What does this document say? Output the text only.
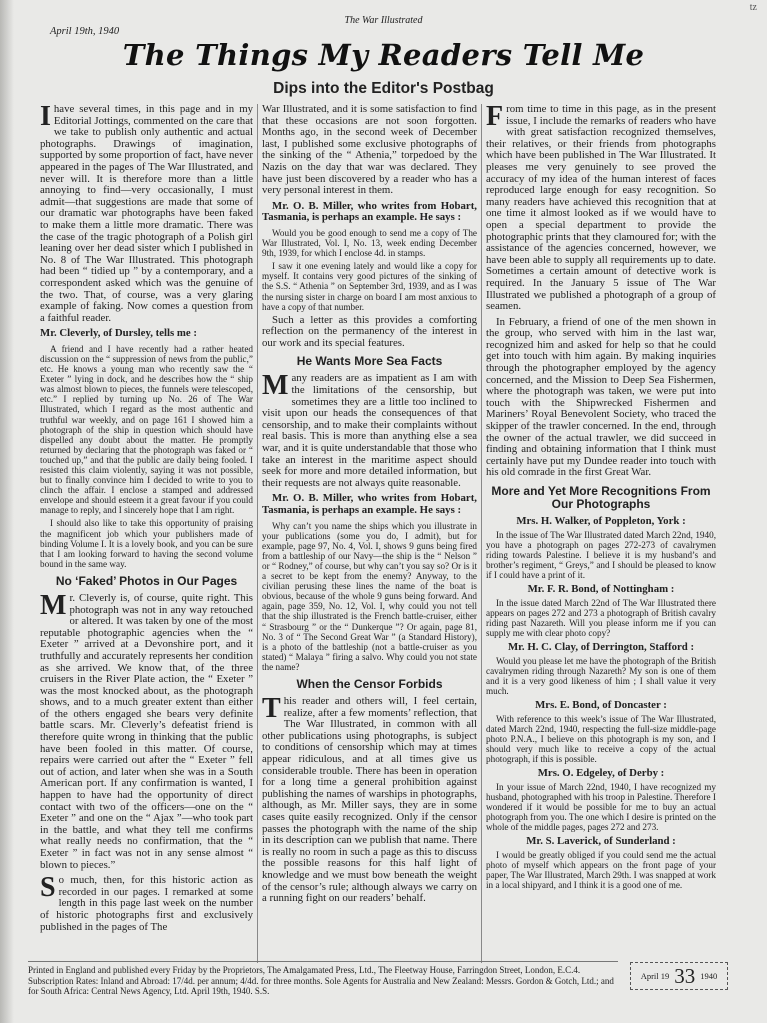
tz
The War Illustrated
April 19th, 1940
The Things My Readers Tell Me
Dips into the Editor's Postbag

Ihave several times, in this page and in my Editorial Jottings, commented on the care that we take to publish only authentic and actual photographs. Drawings of imagination, supported by some proportion of fact, have never appeared in the pages of The War Illustrated, and never will. It is therefore more than a little annoying to find—very occasionally, I must admit—that suggestions are made that some of our dramatic war photographs have been faked to make them a little more dramatic. There was the case of the tragic photograph of a Polish girl leaning over her dead sister which I published in No. 8 of The War Illustrated. This photograph had been “ tidied up ” by a contemporary, and a correspondent asked which was the genuine of the two. That, of course, was a very glaring example of faking. Now comes a question from a faithful reader.

Mr. Cleverly, of Dursley, tells me :

A friend and I have recently had a rather heated discussion on the “ suppression of news from the public,” etc. He knows a young man who recently saw the “ Exeter ” lying in dock, and he describes how the “ ship was almost blown to pieces, the funnels were telescoped, etc.” I replied by turning up No. 26 of The War Illustrated, which I regard as the most authentic and truthful war weekly, and on page 161 I showed him a photograph of the ship in question which should have dispelled any doubt about the matter. He promptly returned by declaring that the photograph was faked or “ touched up,” and that the public are daily being fooled. I resisted this claim violently, saying it was not possible, but to finally convince him I decided to write to you to clinch the affair. I enclose a stamped and addressed envelope and should esteem it a great favour if you could manage to reply, and I sincerely hope that I am right.

I should also like to take this opportunity of praising the magnificent job which your publishers made of binding Volume I. It is a lovely book, and you can be sure that I am looking forward to having the second volume bound in the same way.

No ‘Faked’ Photos in Our Pages

Mr. Cleverly is, of course, quite right. This photograph was not in any way retouched or altered. It was taken by one of the most reputable photographic agencies when the “ Exeter ” arrived at a Devonshire port, and it truthfully and accurately represents her condition as she arrived. We know that, of the three cruisers in the River Plate action, the “ Exeter ” was the most knocked about, as the photograph shows, and to a much greater extent than either of the others engaged she bears very definite battle scars. Mr. Cleverly’s defeatist friend is therefore quite wrong in thinking that the public have been fooled in this matter. Of course, repairs were carried out after the “ Exeter ” fell out of action, and later when she was in a South American port. If any confirmation is wanted, I happen to have had the opportunity of direct contact with two of the officers—one on the “ Exeter ” and one on the “ Ajax ”—who took part in the battle, and what they tell me confirms what really needs no confirmation, that the “ Exeter ” in fact was not in any sense almost “ blown to pieces.”

So much, then, for this historic action as recorded in our pages. I remarked at some length in this page last week on the number of historic photographs first and exclusively published in the pages of The

War Illustrated, and it is some satisfaction to find that these occasions are not soon forgotten. Months ago, in the second week of December last, I published some exclusive photographs of the sinking of the “ Athenia,” torpedoed by the Nazis on the day that war was declared. They have just been discovered by a reader who has a very personal interest in them.

Mr. O. B. Miller, who writes from Hobart, Tasmania, is perhaps an example. He says :

Would you be good enough to send me a copy of The War Illustrated, Vol. I, No. 13, week ending December 9th, 1939, for which I enclose 4d. in stamps.

I saw it one evening lately and would like a copy for myself. It contains very good pictures of the sinking of the S.S. “ Athenia ” on September 3rd, 1939, and as I was the nursing sister in charge on board I am most anxious to have a copy of that number.

Such a letter as this provides a comforting reflection on the permanency of the interest in our work and its special features.

He Wants More Sea Facts

Many readers are as impatient as I am with the limitations of the censorship, but sometimes they are a little too inclined to visit upon our heads the consequences of that censorship, and to make their complaints without real basis. This is more than anything else a sea war, and it is quite understandable that those who take an interest in the maritime aspect should seek for more and more detailed information, but their requests are not always quite reasonable.

Mr. O. B. Miller, who writes from Hobart, Tasmania, is perhaps an example. He says :

Why can’t you name the ships which you illustrate in your publications (some you do, I admit), but for example, page 97, No. 4, Vol. I, shows 9 guns being fired from a battleship of our Navy—the ship is the “ Nelson ” or “ Rodney,” of course, but why can’t you say so? Or is it a secret to be kept from the enemy? Anyway, to the civilian perusing these lines the name of the boat is obvious, because of the whole 9 guns being forward. And again, page 359, No. 12, Vol. I, why could you not tell that the ship illustrated is the French battle-cruiser, either “ Strasbourg ” or the “ Dunkerque ”? Or again, page 81, No. 3 of “ The Second Great War ” (a Standard History), is a photo of the battleship (not a battle-cruiser as you stated) “ Malaya ” firing a salvo. Why could you not state the name?

When the Censor Forbids

This reader and others will, I feel certain, realize, after a few moments’ reflection, that The War Illustrated, in common with all other publications using photographs, is subject to conditions of censorship which may at times appear ridiculous, and at all times give us considerable trouble. There has been in operation for a long time a general prohibition against publishing the names of warships in photographs, although, as Mr. Miller says, they are in some cases quite easily recognized. Only if the censor passes the photograph with the name of the ship in its description can we publish that name. There is really no room in such a page as this to discuss the possible reasons for this half light of knowledge and we must bow beneath the weight of the censor’s rule; although always we carry on a running fight on our readers’ behalf.

From time to time in this page, as in the present issue, I include the remarks of readers who have with great satisfaction recognized themselves, their relatives, or their friends from photographs which have been published in The War Illustrated. It pleases me very genuinely to see proved the accuracy of my idea of the human interest of faces reproduced large enough for easy recognition. So many readers have achieved this recognition that at one time it almost looked as if we would have to open a special department to provide the photographic prints that they clamoured for; with the assistance of the agencies concerned, however, we have been able to supply all requirements up to date. Sometimes a certain amount of detective work is required. In the January 5 issue of The War Illustrated we published a photograph of a group of seamen.

In February, a friend of one of the men shown in the group, who served with him in the last war, recognized him and asked for help so that he could get into touch with him again. By making inquiries through the photographer employed by the agency concerned, and the Mission to Deep Sea Fishermen, where the photograph was taken, we were put into touch with the Shipwrecked Fishermen and Mariners’ Royal Benevolent Society, who traced the skipper of the trawler concerned. In the end, through the owner of the actual trawler, we did succeed in finding and obtaining information that I think must certainly have put my Dundee reader into touch with his old comrade in the first Great War.

More and Yet More Recognitions From Our Photographs
Mrs. H. Walker, of Poppleton, York :

In the issue of The War Illustrated dated March 22nd, 1940, you have a photograph on pages 272-273 of cavalrymen riding towards Palestine. I believe it is my husband’s and brother’s regiment, “ Greys,” and I should be pleased to know if I could have a print of it.

Mr. F. R. Bond, of Nottingham :

In the issue dated March 22nd of The War Illustrated there appears on pages 272 and 273 a photograph of British cavalry riding past Nazareth. Will you please inform me if you can supply me with clear photo copy?

Mr. H. C. Clay, of Derrington, Stafford :

Would you please let me have the photograph of the British cavalrymen riding through Nazareth? My son is one of them and it is a very good likeness of him ; I shall value it very much.

Mrs. E. Bond, of Doncaster :

With reference to this week’s issue of The War Illustrated, dated March 22nd, 1940, respecting the full-size middle-page photo P.N.A., I believe on this photograph is my son, and I should very much like to receive a copy of the actual photograph, if this is possible.

Mrs. O. Edgeley, of Derby :

In your issue of March 22nd, 1940, I have recognized my husband, photographed with his troop in Palestine. Therefore I wondered if it would be possible for me to buy an actual photograph from you. The one which I desire is printed on the whole of the middle pages, pages 272 and 273.

Mr. S. Laverick, of Sunderland :

I would be greatly obliged if you could send me the actual photo of myself which appears on the front page of your paper, The War Illustrated, March 29th. I was snapped at work in a local shipyard, and I think it is a good one of me.

Printed in England and published every Friday by the Proprietors, The Amalgamated Press, Ltd., The Fleetway House, Farringdon Street, London, E.C.4. Subscription Rates: Inland and Abroad: 17/4d. per annum; 4/4d. for three months. Sole Agents for Australia and New Zealand: Messrs. Gordon & Gotch, Ltd.; and for South Africa: Central News Agency, Ltd. April 19th, 1940. S.S.
April 19 33 1940
